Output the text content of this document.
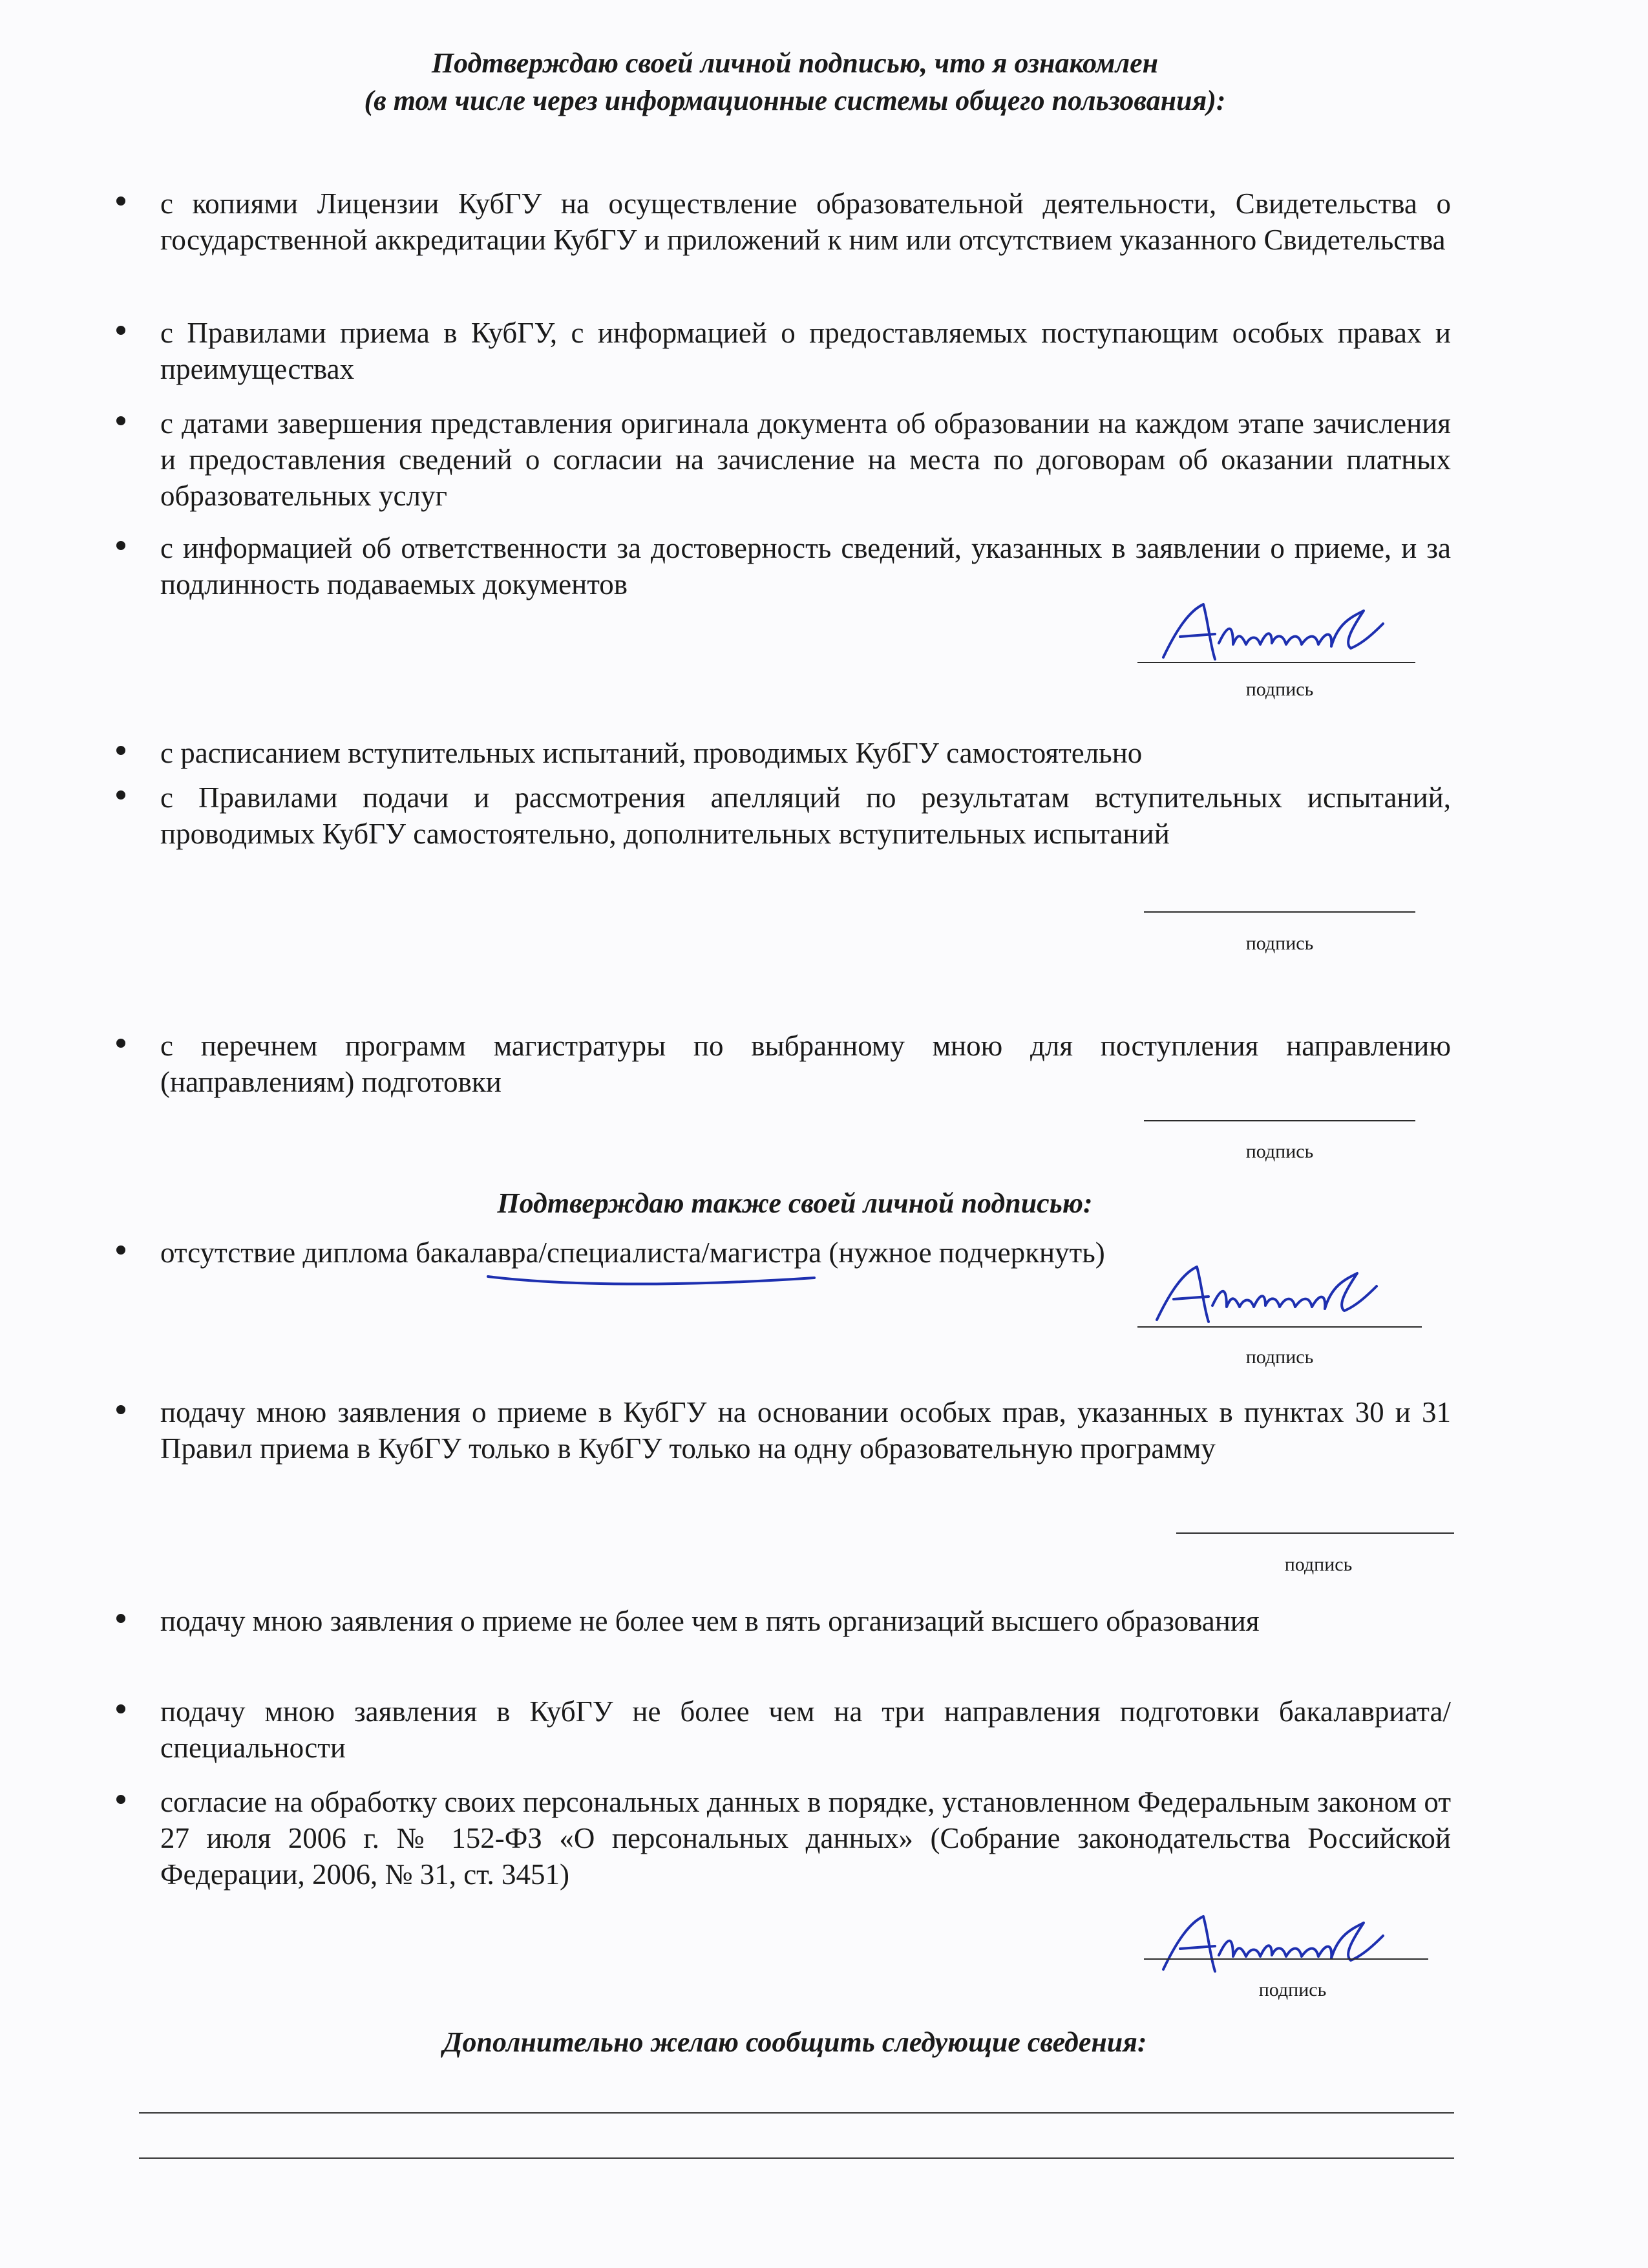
Подтверждаю своей личной подписью, что я ознакомлен
(в том числе через информационные системы общего пользования):

с копиями Лицензии КубГУ на осуществление образовательной деятельности, Свидетельства о государственной аккредитации КубГУ и приложений к ним или отсутствием указанного Свидетельства

с Правилами приема в КубГУ, с информацией о предоставляемых поступающим особых правах и преимуществах

с датами завершения представления оригинала документа об образовании на каждом этапе зачисления и предоставления сведений о согласии на зачисление на места по договорам об оказании платных образовательных услуг

с информацией об ответственности за достоверность сведений, указанных в заявлении о приеме, и за подлинность подаваемых документов

подпись

с расписанием вступительных испытаний, проводимых КубГУ самостоятельно

с Правилами подачи и рассмотрения апелляций по результатам вступительных испытаний, проводимых КубГУ самостоятельно, дополнительных вступительных испытаний

подпись

с перечнем программ магистратуры по выбранному мною для поступления направлению (направлениям) подготовки

подпись
Подтверждаю также своей личной подписью:

отсутствие диплома бакалавра/специалиста/магистра (нужное подчеркнуть)

подпись

подачу мною заявления о приеме в КубГУ на основании особых прав, указанных в пунктах 30 и 31 Правил приема в КубГУ только в КубГУ только на одну образовательную программу

подпись

подачу мною заявления о приеме не более чем в пять организаций высшего образования

подачу мною заявления в КубГУ не более чем на три направления подготовки бакалавриата/специальности

согласие на обработку своих персональных данных в порядке, установленном Федеральным законом от 27 июля 2006 г. № 152-ФЗ «О персональных данных» (Собрание законодательства Российской Федерации, 2006, № 31, ст. 3451)

подпись
Дополнительно желаю сообщить следующие сведения:
